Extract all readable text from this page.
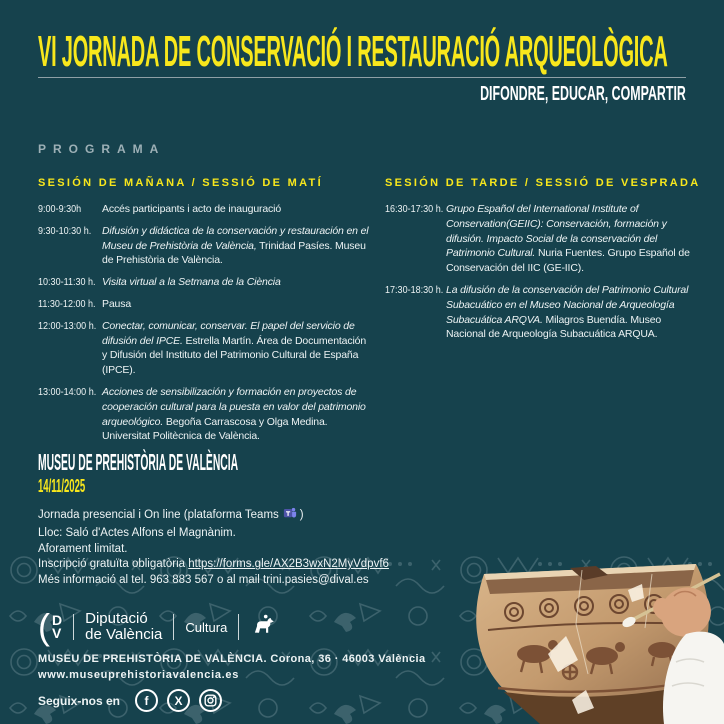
VI JORNADA DE CONSERVACIÓ I RESTAURACIÓ ARQUEOLÒGICA
DIFONDRE, EDUCAR, COMPARTIR
PROGRAMA
SESIÓN DE MAÑANA / SESSIÓ DE MATÍ
9:00-9:30h	Accés participants i acto de inauguració

9:30-10:30 h. Difusión y didáctica de la conservación y restauración en el Museu de Prehistòria de València, Trinidad Pasíes. Museu de Prehistòria de València.

10:30-11:30 h. Visita virtual a la Setmana de la Ciència

11:30-12:00 h. Pausa

12:00-13:00 h. Conectar, comunicar, conservar. El papel del servicio de difusión del IPCE. Estrella Martín. Área de Documentación y Difusión del Instituto del Patrimonio Cultural de España (IPCE).

13:00-14:00 h. Acciones de sensibilización y formación en proyectos de cooperación cultural para la puesta en valor del patrimonio arqueológico. Begoña Carrascosa y Olga Medina. Universitat Politècnica de València.

SESIÓN DE TARDE / SESSIÓ DE VESPRADA
16:30-17:30 h. Grupo Español del International Institute of Conservation(GEIIC): Conservación, formación y difusión. Impacto Social de la conservación del Patrimonio Cultural. Nuria Fuentes. Grupo Español de Conservación del IIC (GE-IIC).

17:30-18:30 h. La difusión de la conservación del Patrimonio Cultural Subacuático en el Museo Nacional de Arqueología Subacuática ARQVA. Milagros Buendía. Museo Nacional de Arqueología Subacuática ARQUA.

MUSEU DE PREHISTÒRIA DE VALÈNCIA
14/11/2025
Jornada presencial i On line (plataforma Teams )
Lloc: Saló d'Actes Alfons el Magnànim.
Aforament limitat.
Inscripció gratuïta obligatòria https://forms.gle/AX2B3wxN2MyVdpvf6
Més informació al tel. 963 883 567 o al mail trini.pasies@dival.es
( D
V
Diputació
de València Cultura
MUSEU DE PREHISTÒRIA DE VALÈNCIA. Corona, 36 · 46003 València
www.museuprehistoriavalencia.es
Seguix-nos en	f	X
